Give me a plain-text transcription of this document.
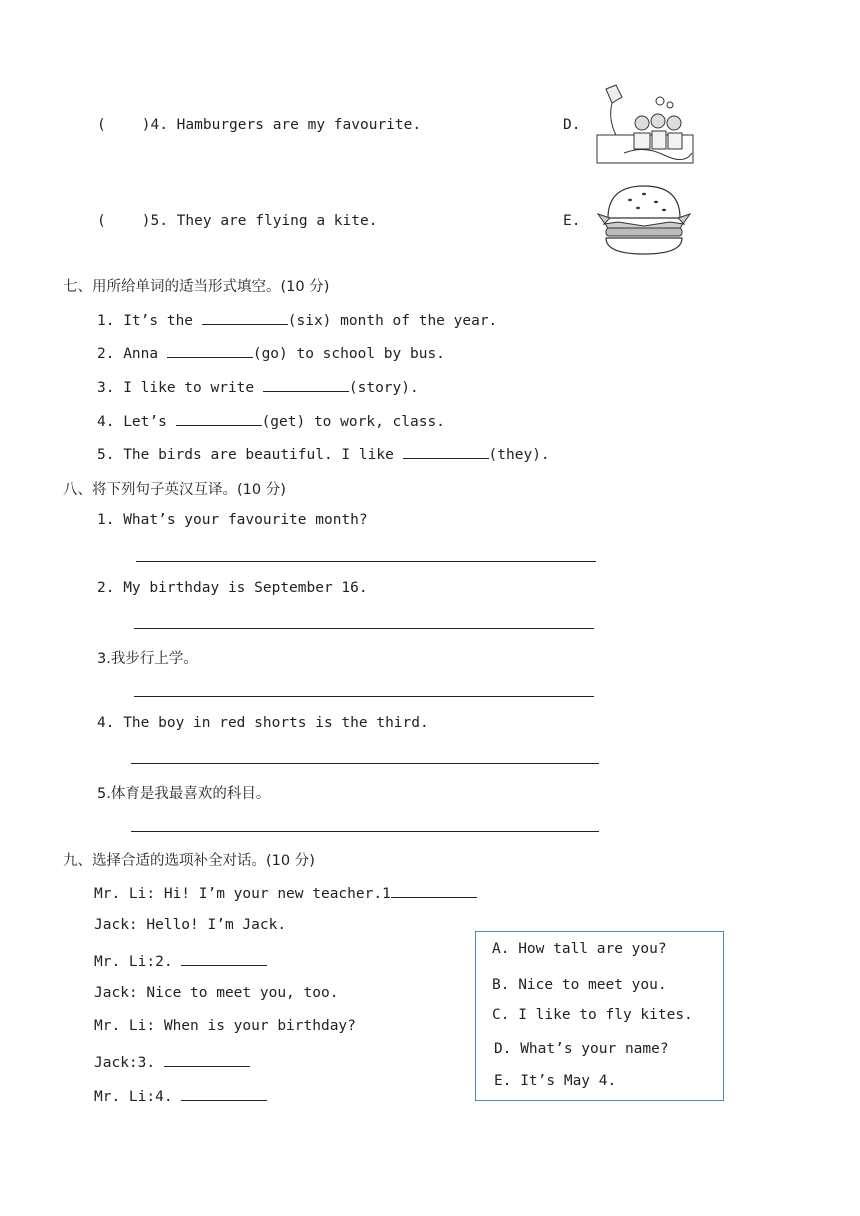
( )4. Hamburgers are my favourite.	D.
( )5. They are flying a kite.	E.
七、用所给单词的适当形式填空。(10 分)
1. It’s the	(six) month of the year.
2. Anna	(go) to school by bus.
3. I like to write	(story).
4. Let’s	(get) to work, class.
5. The birds are beautiful. I like	(they).
八、将下列句子英汉互译。(10 分)
1. What’s your favourite month?
2. My birthday is September 16.
3.我步行上学。
4. The boy in red shorts is the third.
5.体育是我最喜欢的科目。
九、选择合适的选项补全对话。(10 分)
Mr. Li: Hi! I’m your new teacher.1
Jack: Hello! I’m Jack.
Mr. Li:2.
Jack: Nice to meet you, too.
Mr. Li: When is your birthday?
Jack:3.
Mr. Li:4.
A. How tall are you?
B. Nice to meet you.
C. I like to fly kites.
D. What’s your name?
E. It’s May 4.
